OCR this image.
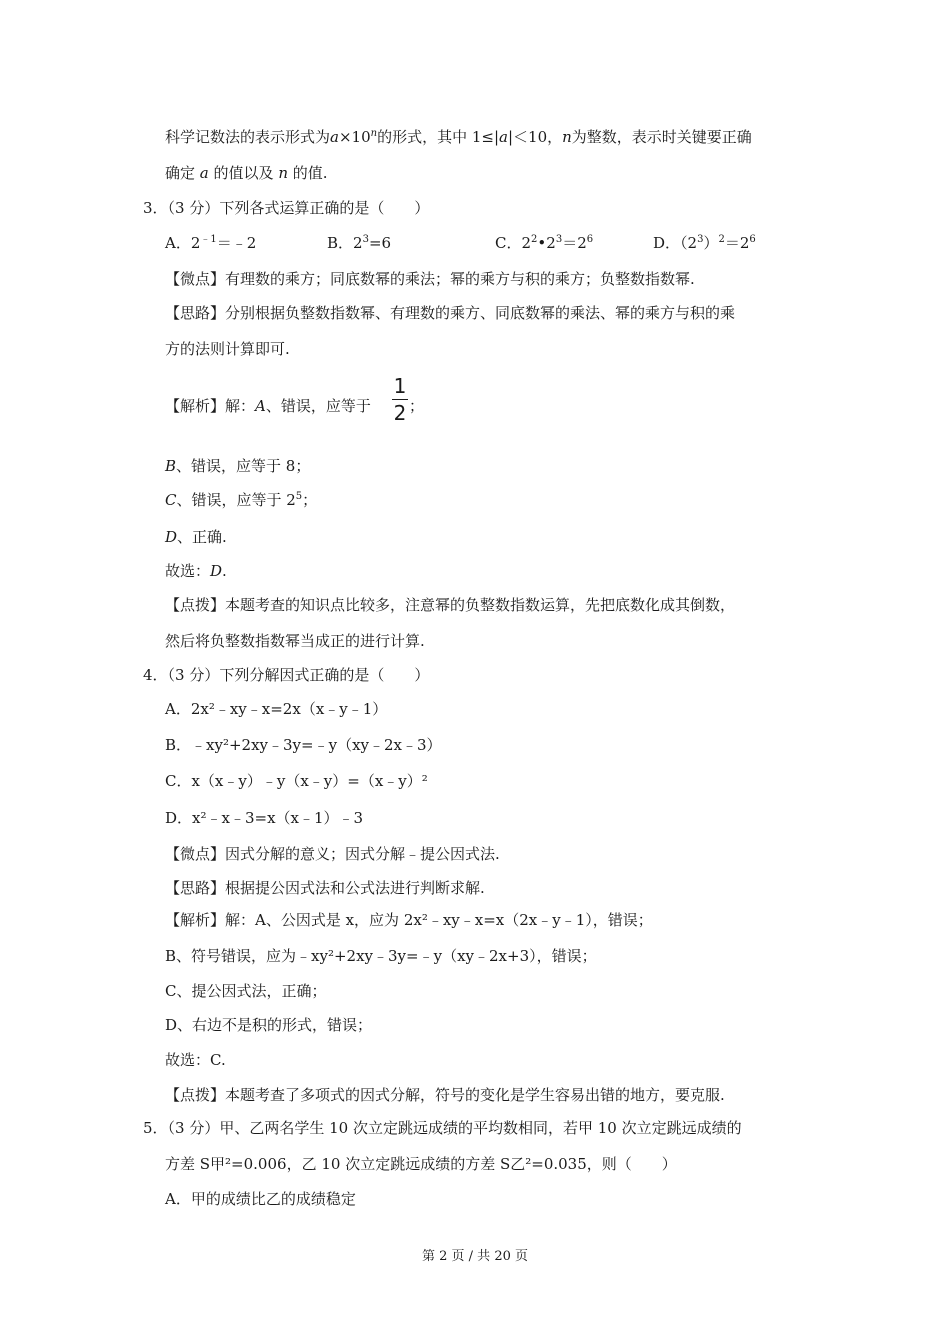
科学记数法的表示形式为$a\times 10^n$的形式，其中 1≤|a|＜10，n为整数，表示时关键要正确
确定 a 的值以及 n 的值.
3．（3 分）下列各式运算正确的是（　　）
A．$2^{﹣1}=﹣2$	B．$2^3=6$	C．$2^2•2^3=2^6$	D．$(2^3)^2=2^6$
【微点】有理数的乘方；同底数幂的乘法；幂的乘方与积的乘方；负整数指数幂.
【思路】分别根据负整数指数幂、有理数的乘方、同底数幂的乘法、幂的乘方与积的乘
方的法则计算即可.
【解析】解：A、错误，应等于
1
2 ；
B、错误，应等于 8；
C、错误，应等于 $2^5$；
D、正确.
故选：D.
【点拨】本题考查的知识点比较多，注意幂的负整数指数运算，先把底数化成其倒数，
然后将负整数指数幂当成正的进行计算.
4．（3 分）下列分解因式正确的是（　　）
A．2x²﹣xy﹣x=2x（x﹣y﹣1）
B．﹣xy²+2xy﹣3y=﹣y（xy﹣2x﹣3）
C．x（x﹣y）﹣y（x﹣y）=（x﹣y）²
D．x²﹣x﹣3=x（x﹣1）﹣3
【微点】因式分解的意义；因式分解﹣提公因式法.
【思路】根据提公因式法和公式法进行判断求解.
【解析】解：A、公因式是 x，应为 2x²﹣xy﹣x=x（2x﹣y﹣1），错误；
B、符号错误，应为﹣xy²+2xy﹣3y=﹣y（xy﹣2x+3），错误；
C、提公因式法，正确；
D、右边不是积的形式，错误；
故选：C.
【点拨】本题考查了多项式的因式分解，符号的变化是学生容易出错的地方，要克服.
5．（3 分）甲、乙两名学生 10 次立定跳远成绩的平均数相同，若甲 10 次立定跳远成绩的
方差 S甲²=0.006，乙 10 次立定跳远成绩的方差 S乙²=0.035，则（　　）
A．甲的成绩比乙的成绩稳定
第 2 页 / 共 20 页
